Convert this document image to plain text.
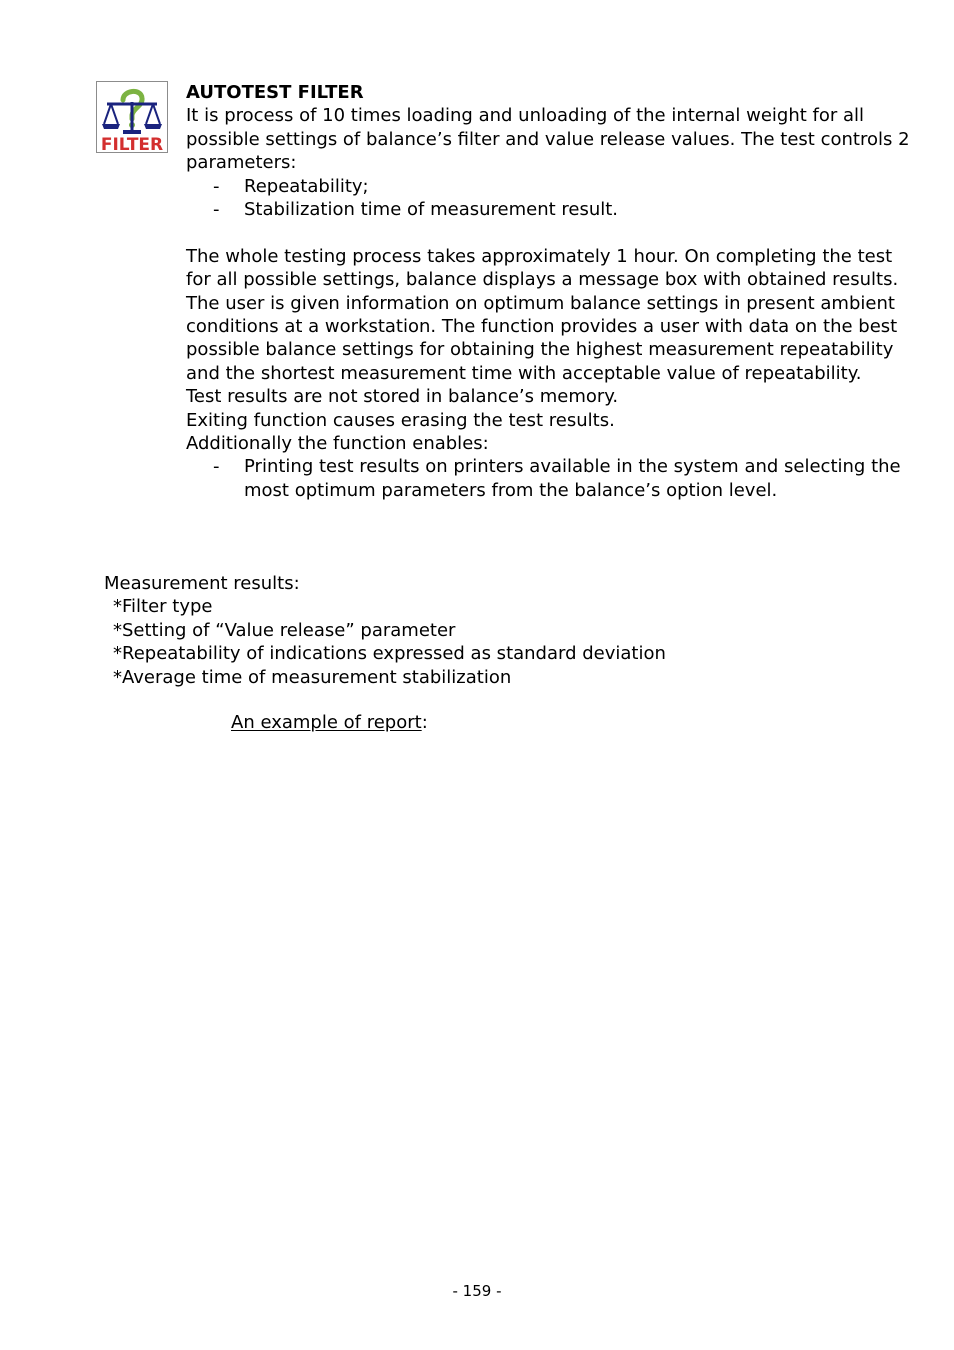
FILTER

AUTOTEST FILTER

It is process of 10 times loading and unloading of the internal weight for all possible settings of balance’s filter and value release values. The test controls 2 parameters:

- Repeatability;
- Stabilization time of measurement result.

The whole testing process takes approximately 1 hour. On completing the test for all possible settings, balance displays a message box with obtained results.

The user is given information on optimum balance settings in present ambient conditions at a workstation. The function provides a user with data on the best possible balance settings for obtaining the highest measurement repeatability and the shortest measurement time with acceptable value of repeatability.

Test results are not stored in balance’s memory.

Exiting function causes erasing the test results.

Additionally the function enables:

- Printing test results on printers available in the system and selecting the most optimum parameters from the balance’s option level.

Measurement results:

*Filter type

*Setting of “Value release” parameter

*Repeatability of indications expressed as standard deviation

*Average time of measurement stabilization

An example of report:
- 159 -
